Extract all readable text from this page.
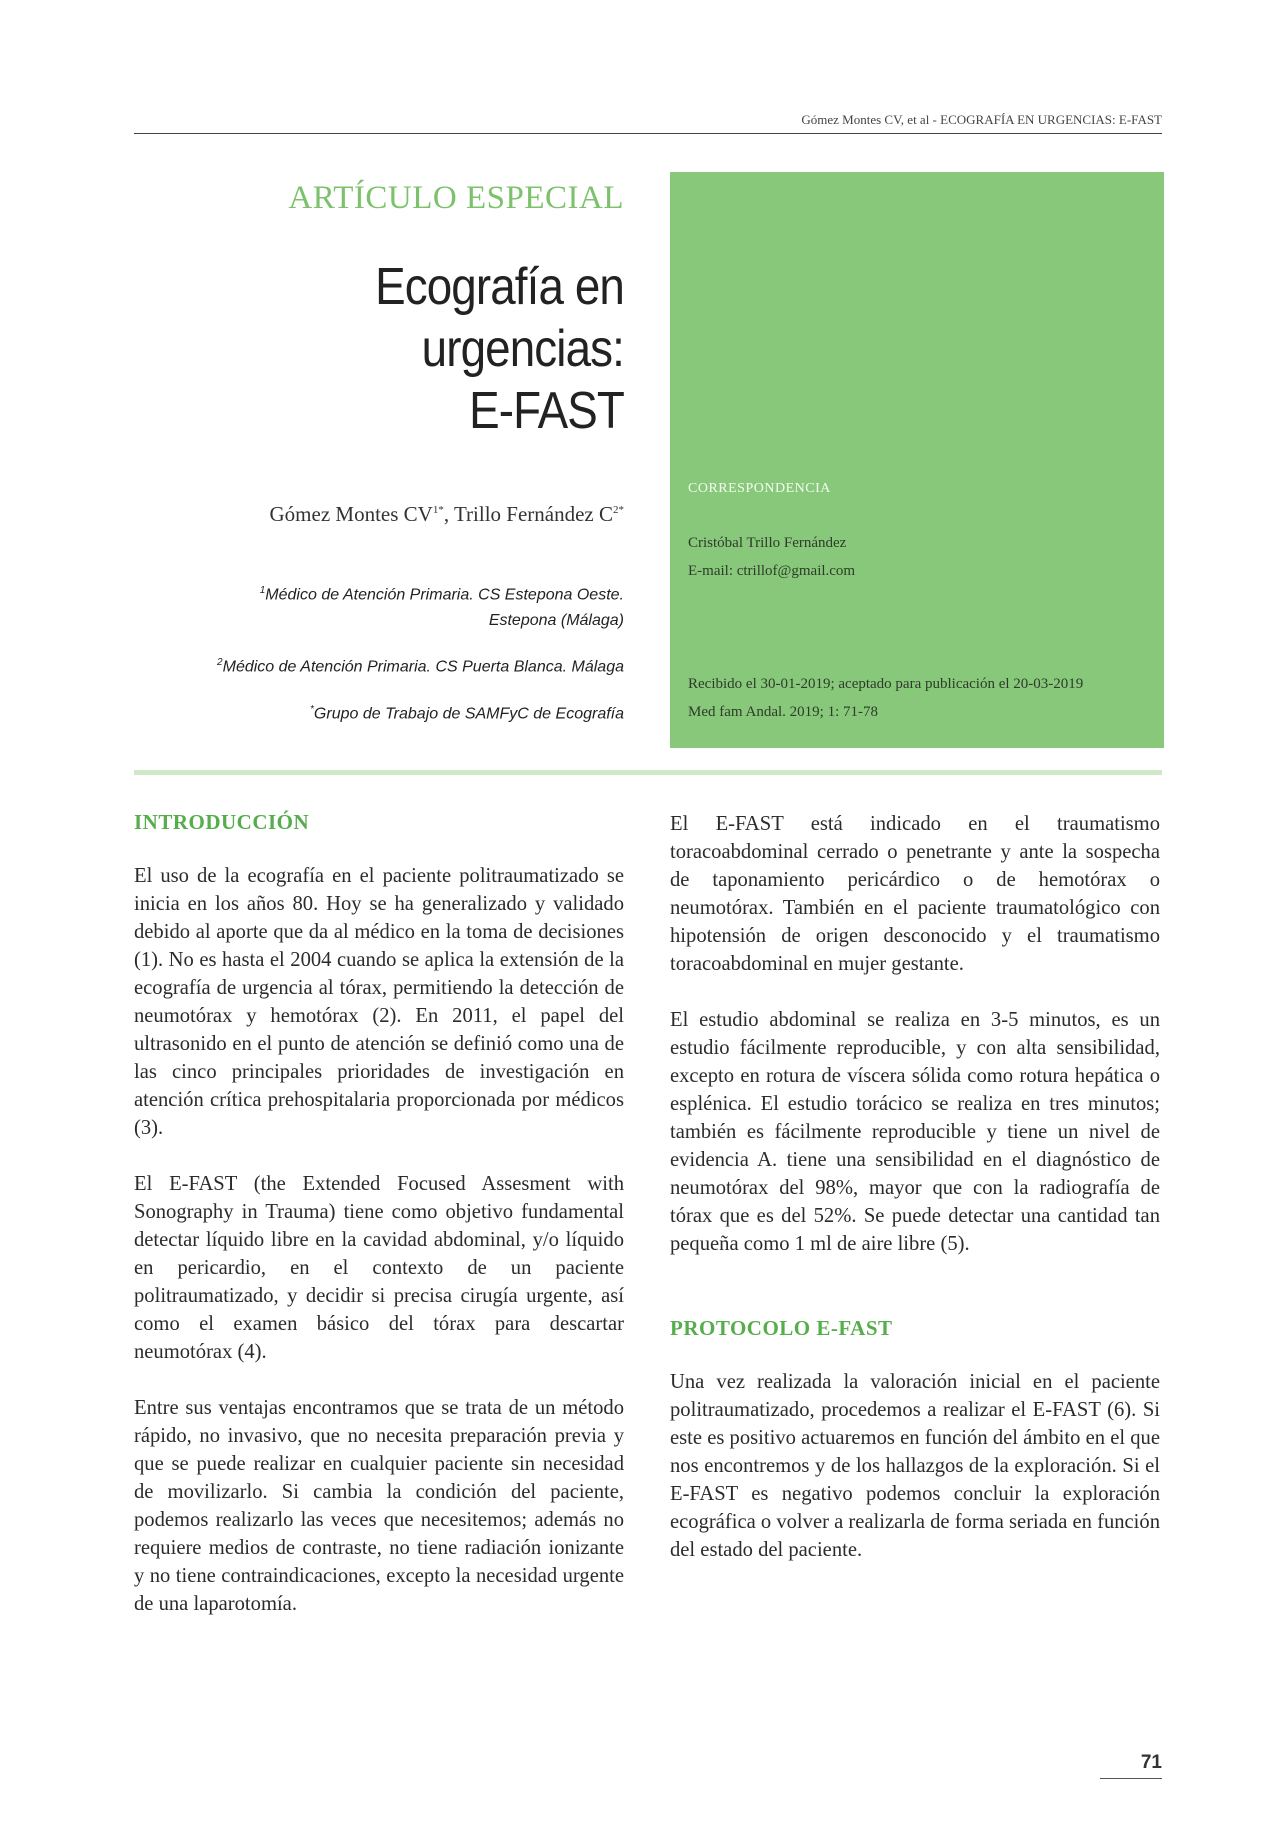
Gómez Montes CV, et al - ECOGRAFÍA EN URGENCIAS: E-FAST
ARTÍCULO ESPECIAL
Ecografía en urgencias:
E-FAST
Gómez Montes $CV^{1*}$, Trillo Fernández $C^{2*}$
$^1$Médico de Atención Primaria. CS Estepona Oeste.
Estepona (Málaga)
$^2$Médico de Atención Primaria. CS Puerta Blanca. Málaga
*Grupo de Trabajo de SAMFyC de Ecografía
CORRESPONDENCIA
Cristóbal Trillo Fernández
E-mail: ctrillof@gmail.com
Recibido el 30-01-2019; aceptado para publicación el 20-03-2019
Med fam Andal. 2019; 1: 71-78
INTRODUCCIÓN

El uso de la ecografía en el paciente politraumatizado se inicia en los años 80. Hoy se ha generalizado y validado debido al aporte que da al médico en la toma de decisiones (1). No es hasta el 2004 cuando se aplica la extensión de la ecografía de urgencia al tórax, permitiendo la detección de neumotórax y hemotórax (2). En 2011, el papel del ultrasonido en el punto de atención se definió como una de las cinco principales prioridades de investigación en atención crítica prehospitalaria proporcionada por médicos (3).

El E-FAST (the Extended Focused Assesment with Sonography in Trauma) tiene como objetivo fundamental detectar líquido libre en la cavidad abdominal, y/o líquido en pericardio, en el contexto de un paciente politraumatizado, y decidir si precisa cirugía urgente, así como el examen básico del tórax para descartar neumotórax (4).

Entre sus ventajas encontramos que se trata de un método rápido, no invasivo, que no necesita preparación previa y que se puede realizar en cualquier paciente sin necesidad de movilizarlo. Si cambia la condición del paciente, podemos realizarlo las veces que necesitemos; además no requiere medios de contraste, no tiene radiación ionizante y no tiene contraindicaciones, excepto la necesidad urgente de una laparotomía.

El E-FAST está indicado en el traumatismo toracoabdominal cerrado o penetrante y ante la sospecha de taponamiento pericárdico o de hemotórax o neumotórax. También en el paciente traumatológico con hipotensión de origen desconocido y el traumatismo toracoabdominal en mujer gestante.

El estudio abdominal se realiza en 3-5 minutos, es un estudio fácilmente reproducible, y con alta sensibilidad, excepto en rotura de víscera sólida como rotura hepática o esplénica. El estudio torácico se realiza en tres minutos; también es fácilmente reproducible y tiene un nivel de evidencia A. tiene una sensibilidad en el diagnóstico de neumotórax del 98%, mayor que con la radiografía de tórax que es del 52%. Se puede detectar una cantidad tan pequeña como 1 ml de aire libre (5).

PROTOCOLO E-FAST

Una vez realizada la valoración inicial en el paciente politraumatizado, procedemos a realizar el E-FAST (6). Si este es positivo actuaremos en función del ámbito en el que nos encontremos y de los hallazgos de la exploración. Si el E-FAST es negativo podemos concluir la exploración ecográfica o volver a realizarla de forma seriada en función del estado del paciente.

71
